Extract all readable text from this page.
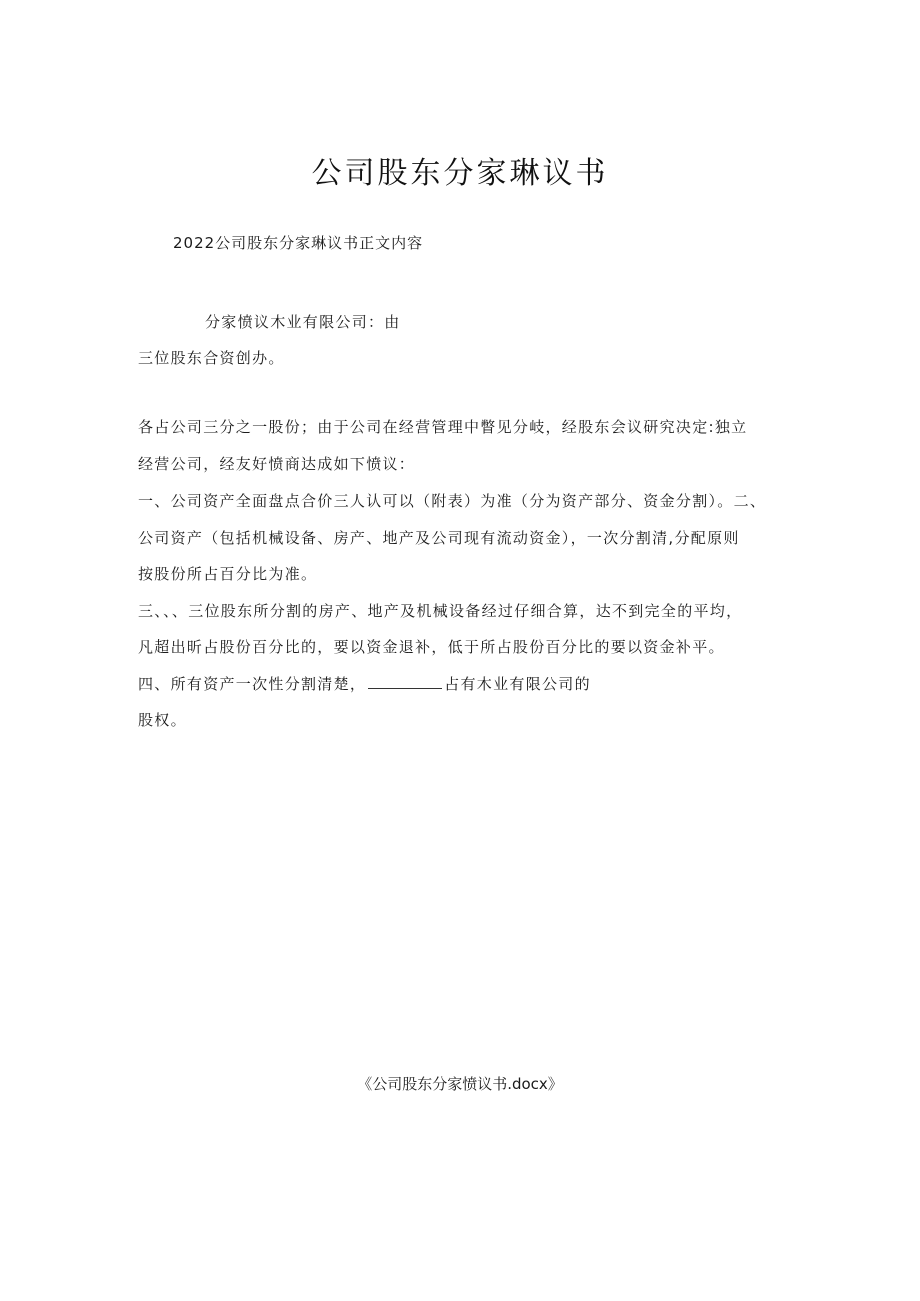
公司股东分家琳议书
2022公司股东分家琳议书正文内容
分家愤议木业有限公司：由
三位股东合资创办。
各占公司三分之一股份；由于公司在经营管理中瞥见分岐，经股东会议研究决定:独立
经营公司，经友好愤商达成如下愤议：
一、公司资产全面盘点合价三人认可以（附表）为准（分为资产部分、资金分割）。二、
公司资产（包括机械设备、房产、地产及公司现有流动资金），一次分割清,分配原则
按股份所占百分比为准。
三、、、三位股东所分割的房产、地产及机械设备经过仔细合算，达不到完全的平均，
凡超出昕占股份百分比的，要以资金退补，低于所占股份百分比的要以资金补平。
四、所有资产一次性分割清楚，	占有木业有限公司的
股权。
《公司股东分家愤议书.docx》
